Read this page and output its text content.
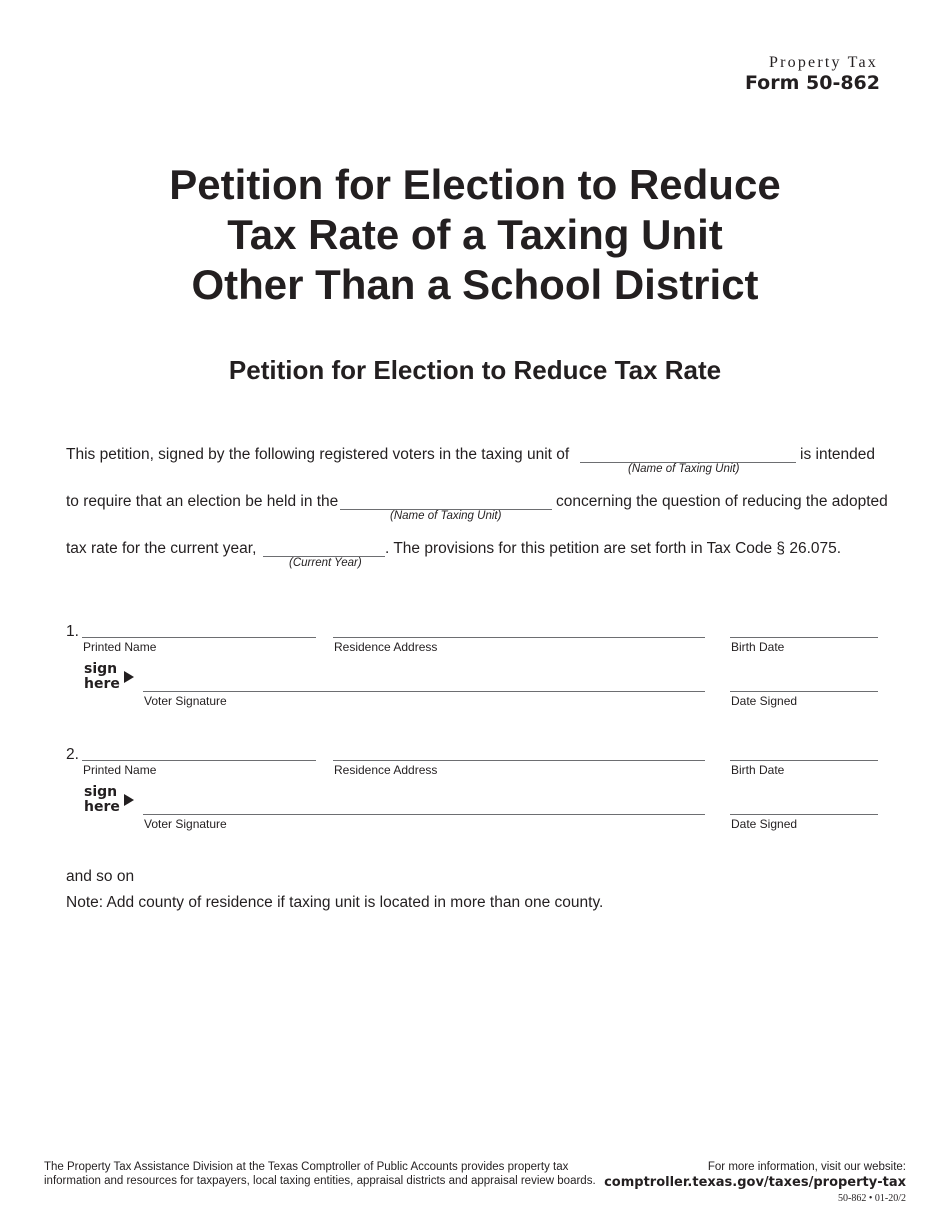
Property Tax
Form 50-862
Petition for Election to Reduce
Tax Rate of a Taxing Unit
Other Than a School District
Petition for Election to Reduce Tax Rate
This petition, signed by the following registered voters in the taxing unit of	is intended
(Name of Taxing Unit)
to require that an election be held in the	concerning the question of reducing the adopted
(Name of Taxing Unit)
tax rate for the current year,	. The provisions for this petition are set forth in Tax Code § 26.075.
(Current Year)
1.
Printed Name	Residence Address	Birth Date
sign
here
Voter Signature	Date Signed
2.
Printed Name	Residence Address	Birth Date
sign
here
Voter Signature	Date Signed
and so on
Note: Add county of residence if taxing unit is located in more than one county.
The Property Tax Assistance Division at the Texas Comptroller of Public Accounts provides property tax
information and resources for taxpayers, local taxing entities, appraisal districts and appraisal review boards.
For more information, visit our website:
comptroller.texas.gov/taxes/property-tax
50-862 • 01-20/2
